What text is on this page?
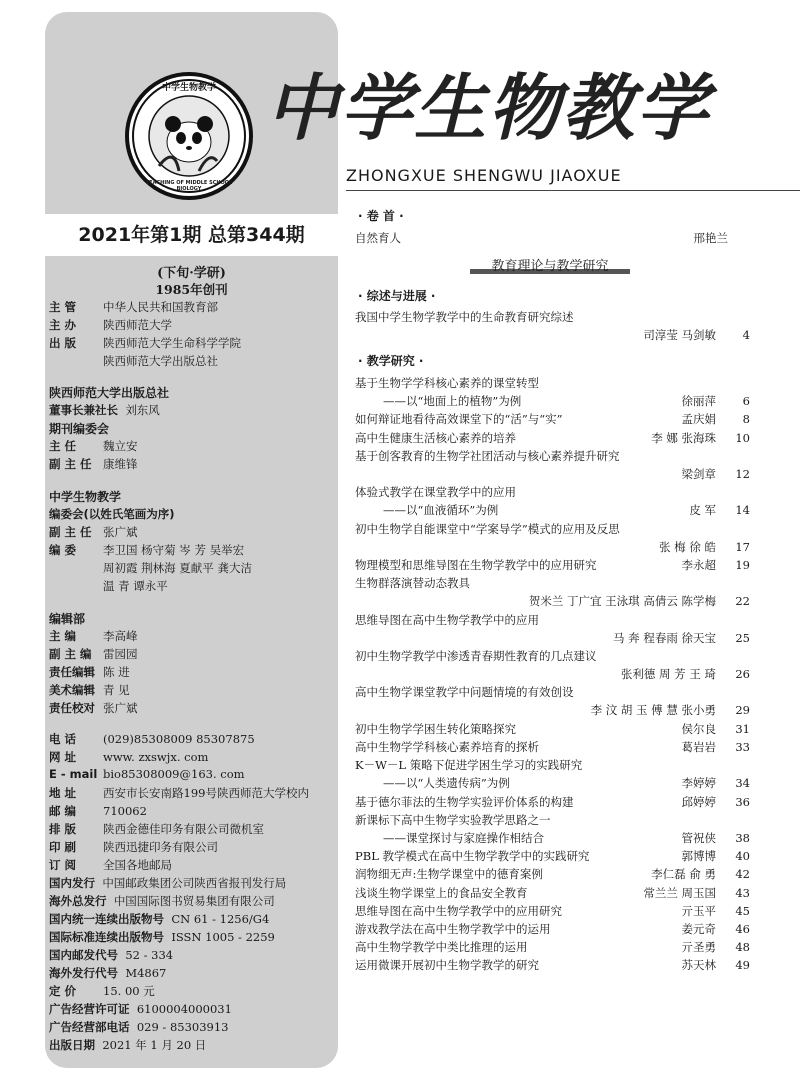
中学生物教学
TEACHING OF MIDDLE SCHOOL BIOLOGY
2021年第1期 总第344期
(下旬·学研)
1985年创刊
主 管 中华人民共和国教育部
主 办 陕西师范大学
出 版 陕西师范大学生命科学学院
陕西师范大学出版总社
陕西师范大学出版总社
董事长兼社长 刘东风
期刊编委会
主 任 魏立安
副 主 任 康维锋
中学生物教学
编委会(以姓氏笔画为序)
副 主 任 张广斌
编 委 李卫国 杨守菊 岑 芳 吴举宏
周初霞 荆林海 夏献平 龚大洁
温 青 谭永平
编辑部
主 编 李高峰
副 主 编 雷园园
责任编辑 陈 进
美术编辑 青 见
责任校对 张广斌
电 话 (029)85308009 85307875
网 址 www. zxswjx. com
E - mail bio85308009@163. com
地 址 西安市长安南路199号陕西师范大学校内
邮 编 710062
排 版 陕西金德佳印务有限公司微机室
印 刷 陕西迅捷印务有限公司
订 阅 全国各地邮局
国内发行 中国邮政集团公司陕西省报刊发行局
海外总发行 中国国际图书贸易集团有限公司
国内统一连续出版物号 CN 61 - 1256/G4
国际标准连续出版物号 ISSN 1005 - 2259
国内邮发代号 52 - 334
海外发行代号 M4867
定 价 15. 00 元
广告经营许可证 6100004000031
广告经营部电话 029 - 85303913
出版日期 2021 年 1 月 20 日
中学生物教学
ZHONGXUE SHENGWU JIAOXUE
· 卷 首 ·
自然育人	邢艳兰
教育理论与教学研究
· 综述与进展 ·
我国中学生物学教学中的生命教育研究综述
司淳莹 马剑敏	4
· 教学研究 ·
基于生物学学科核心素养的课堂转型
——以“地面上的植物”为例	徐丽萍	6
如何辩证地看待高效课堂下的“活”与“实”	孟庆娟	8
高中生健康生活核心素养的培养	李 娜 张海珠	10
基于创客教育的生物学社团活动与核心素养提升研究
梁剑章	12
体验式教学在课堂教学中的应用
——以“血液循环”为例	皮 军	14
初中生物学自能课堂中“学案导学”模式的应用及反思
张 梅 徐 皓	17
物理模型和思维导图在生物学教学中的应用研究	李永超	19
生物群落演替动态教具
贺米兰 丁广宜 王泳琪 高倩云 陈学梅	22
思维导图在高中生物学教学中的应用
马 奔 程春雨 徐天宝	25
初中生物学教学中渗透青春期性教育的几点建议
张利德 周 芳 王 琦	26
高中生物学课堂教学中问题情境的有效创设
李 汶 胡 玉 傅 慧 张小勇	29
初中生物学学困生转化策略探究	侯尔良	31
高中生物学学科核心素养培育的探析	葛岩岩	33
K－W－L 策略下促进学困生学习的实践研究
——以“人类遗传病”为例	李婷婷	34
基于德尔菲法的生物学实验评价体系的构建	邱婷婷	36
新课标下高中生物学实验教学思路之一
——课堂探讨与家庭操作相结合	管祝侠	38
PBL 教学模式在高中生物学教学中的实践研究	郭博博	40
润物细无声:生物学课堂中的德育案例	李仁磊 俞 勇	42
浅谈生物学课堂上的食品安全教育	常兰兰 周玉国	43
思维导图在高中生物学教学中的应用研究	亓玉平	45
游戏教学法在高中生物学教学中的运用	姜元奇	46
高中生物学教学中类比推理的运用	亓圣勇	48
运用微课开展初中生物学教学的研究	苏天林	49
